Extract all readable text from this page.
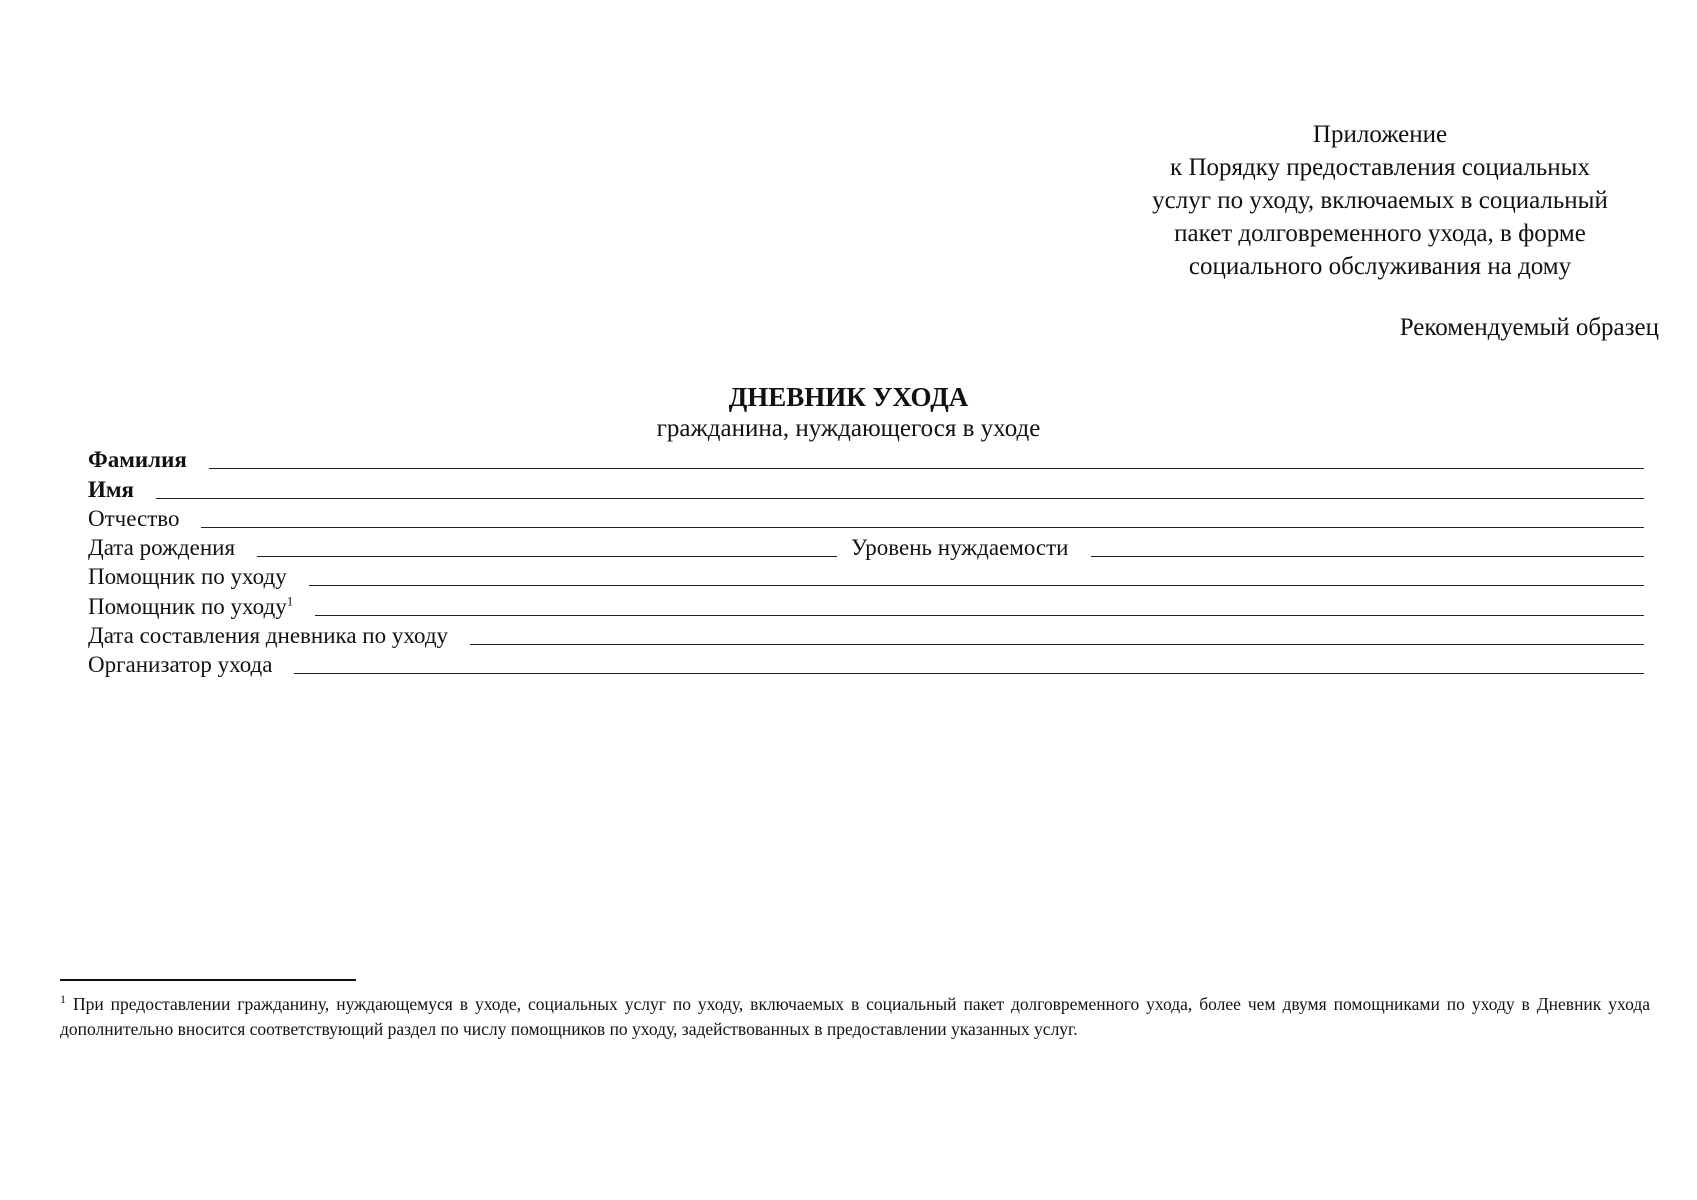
Приложение
к Порядку предоставления социальных
услуг по уходу, включаемых в социальный
пакет долговременного ухода, в форме
социального обслуживания на дому
Рекомендуемый образец
ДНЕВНИК УХОДА
гражданина, нуждающегося в уходе
Фамилия
Имя
Отчество
Дата рождения	Уровень нуждаемости
Помощник по уходу
Помощник по уходу$^1$
Дата составления дневника по уходу
Организатор ухода
$^1$ При предоставлении гражданину, нуждающемуся в уходе, социальных услуг по уходу, включаемых в социальный пакет долговременного ухода, более чем двумя помощниками по уходу в Дневник ухода дополнительно вносится соответствующий раздел по числу помощников по уходу, задействованных в предоставлении указанных услуг.
